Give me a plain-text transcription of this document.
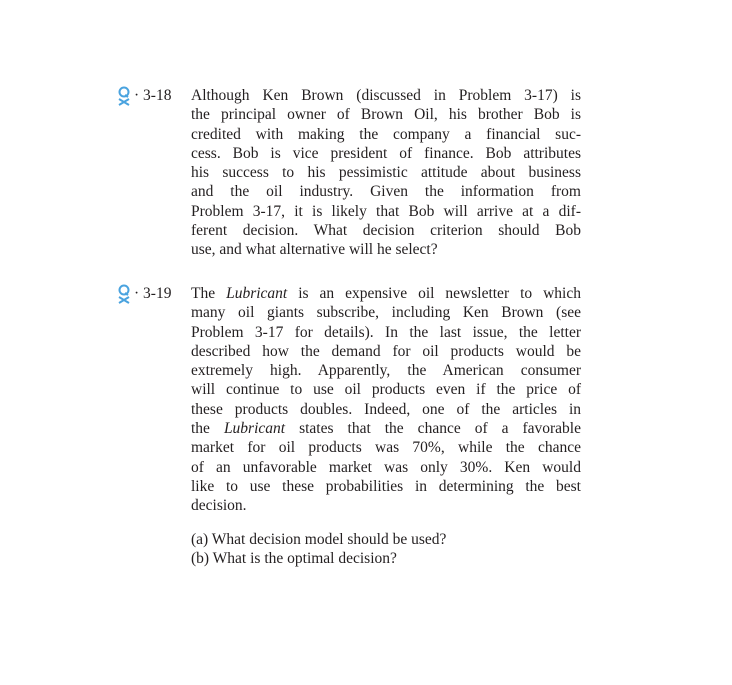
· 3-18 Although Ken Brown (discussed in Problem 3-17) is
the principal owner of Brown Oil, his brother Bob is
credited with making the company a financial suc-
cess. Bob is vice president of finance. Bob attributes
his success to his pessimistic attitude about business
and the oil industry. Given the information from
Problem 3-17, it is likely that Bob will arrive at a dif-
ferent decision. What decision criterion should Bob
use, and what alternative will he select?
· 3-19 The Lubricant is an expensive oil newsletter to which
many oil giants subscribe, including Ken Brown (see
Problem 3-17 for details). In the last issue, the letter
described how the demand for oil products would be
extremely high. Apparently, the American consumer
will continue to use oil products even if the price of
these products doubles. Indeed, one of the articles in
the Lubricant states that the chance of a favorable
market for oil products was 70%, while the chance
of an unfavorable market was only 30%. Ken would
like to use these probabilities in determining the best
decision.
(a) What decision model should be used?
(b) What is the optimal decision?
